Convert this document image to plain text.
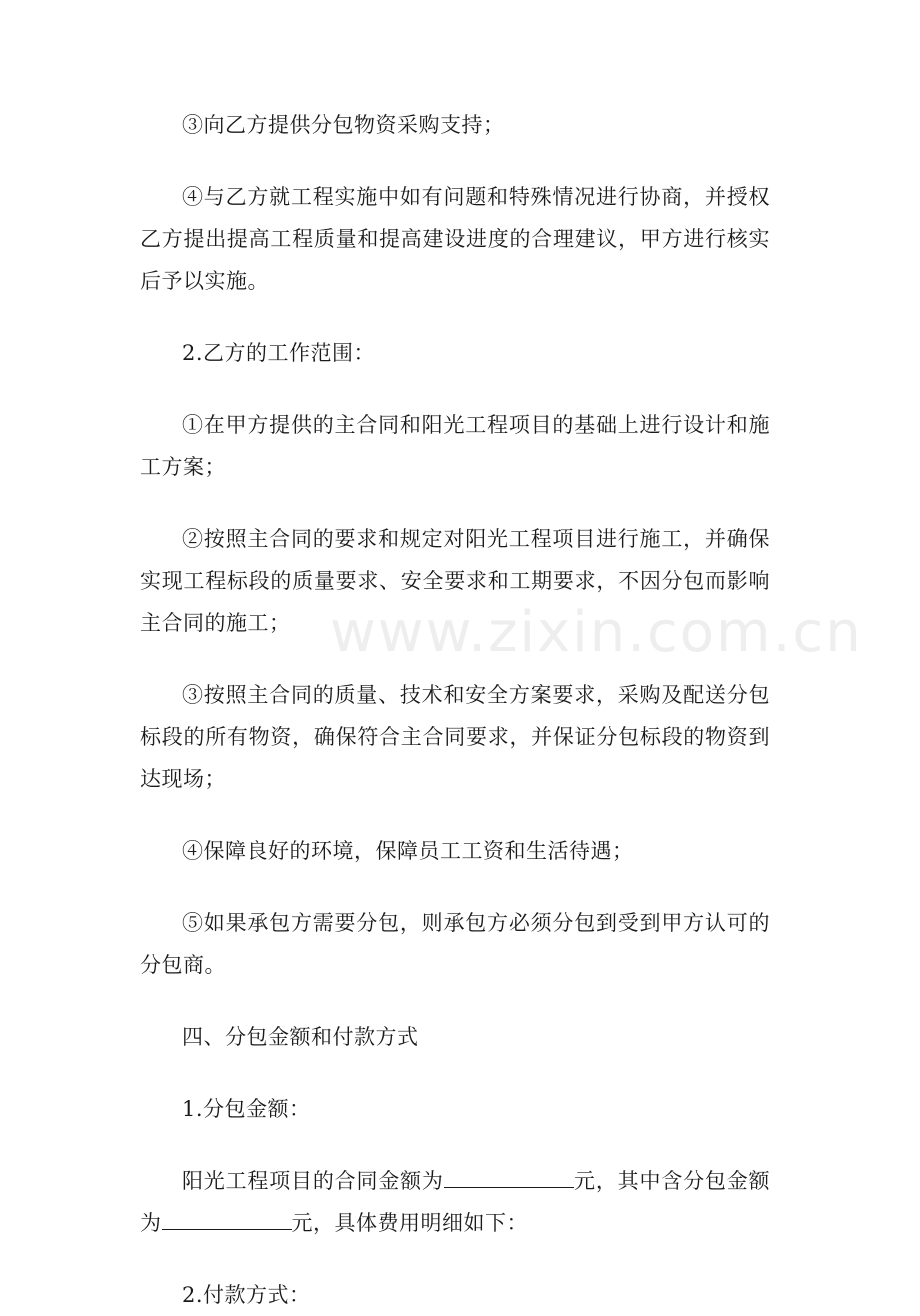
③向乙方提供分包物资采购支持；

④与乙方就工程实施中如有问题和特殊情况进行协商，并授权乙方提出提高工程质量和提高建设进度的合理建议，甲方进行核实后予以实施。

2.乙方的工作范围：

①在甲方提供的主合同和阳光工程项目的基础上进行设计和施工方案；

②按照主合同的要求和规定对阳光工程项目进行施工，并确保实现工程标段的质量要求、安全要求和工期要求，不因分包而影响主合同的施工；

③按照主合同的质量、技术和安全方案要求，采购及配送分包标段的所有物资，确保符合主合同要求，并保证分包标段的物资到达现场；

④保障良好的环境，保障员工工资和生活待遇；

⑤如果承包方需要分包，则承包方必须分包到受到甲方认可的分包商。

四、分包金额和付款方式

1.分包金额：

阳光工程项目的合同金额为	元，其中含分包金额为	元，具体费用明细如下：

2.付款方式：

www.zixin.com.cn
